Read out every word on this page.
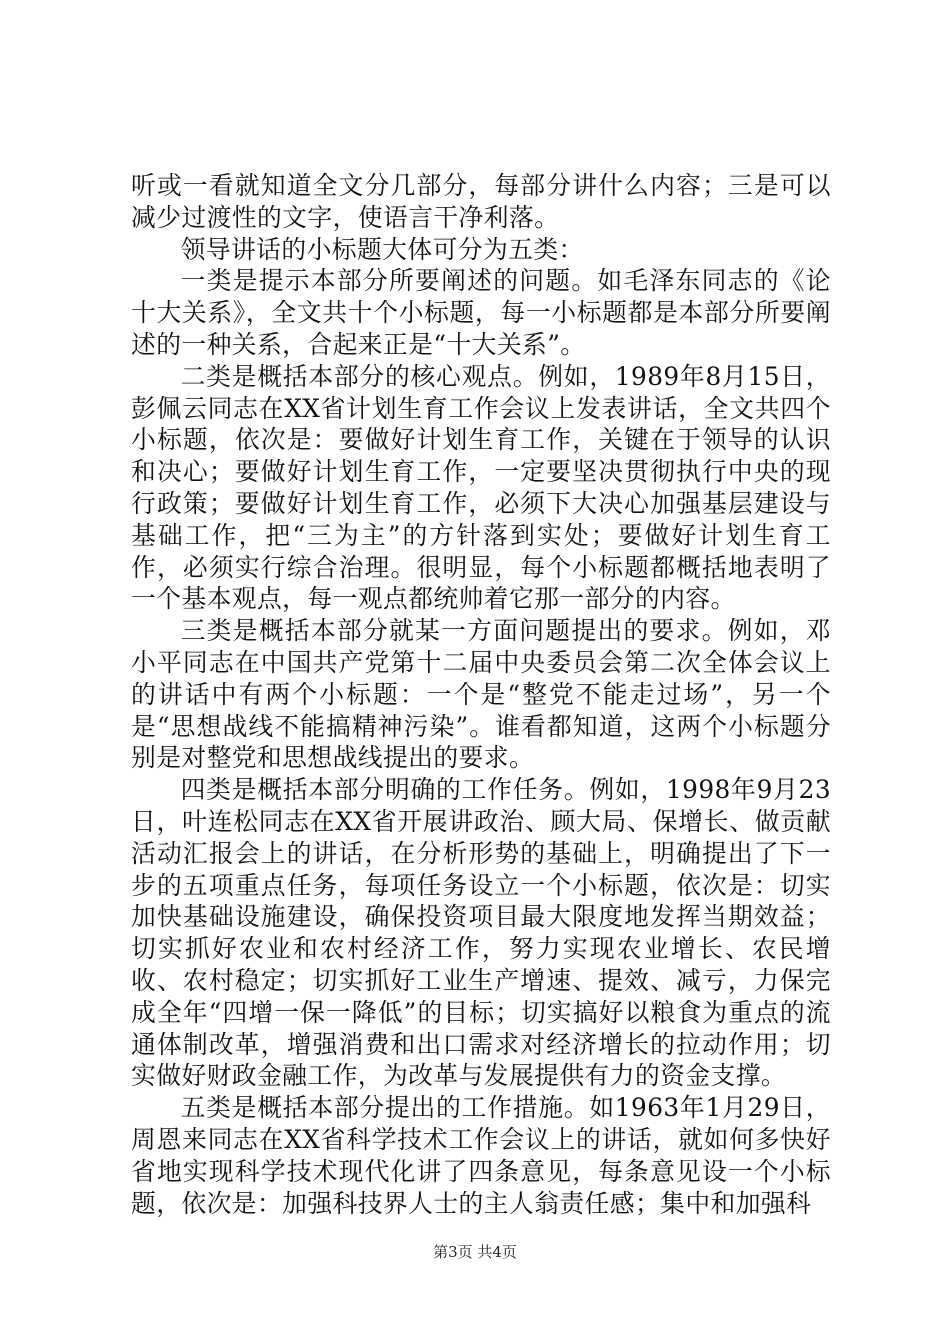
听或一看就知道全文分几部分，每部分讲什么内容；三是可以减少过渡性的文字，使语言干净利落。

领导讲话的小标题大体可分为五类：

一类是提示本部分所要阐述的问题。如毛泽东同志的《论十大关系》，全文共十个小标题，每一小标题都是本部分所要阐述的一种关系，合起来正是“十大关系”。

二类是概括本部分的核心观点。例如，1989年8月15日，彭佩云同志在XX省计划生育工作会议上发表讲话，全文共四个小标题，依次是：要做好计划生育工作，关键在于领导的认识和决心；要做好计划生育工作，一定要坚决贯彻执行中央的现行政策；要做好计划生育工作，必须下大决心加强基层建设与基础工作，把“三为主”的方针落到实处；要做好计划生育工作，必须实行综合治理。很明显，每个小标题都概括地表明了一个基本观点，每一观点都统帅着它那一部分的内容。

三类是概括本部分就某一方面问题提出的要求。例如，邓小平同志在中国共产党第十二届中央委员会第二次全体会议上的讲话中有两个小标题：一个是“整党不能走过场”，另一个是“思想战线不能搞精神污染”。谁看都知道，这两个小标题分别是对整党和思想战线提出的要求。

四类是概括本部分明确的工作任务。例如，1998年9月23日，叶连松同志在XX省开展讲政治、顾大局、保增长、做贡献活动汇报会上的讲话，在分析形势的基础上，明确提出了下一步的五项重点任务，每项任务设立一个小标题，依次是：切实加快基础设施建设，确保投资项目最大限度地发挥当期效益；切实抓好农业和农村经济工作，努力实现农业增长、农民增收、农村稳定；切实抓好工业生产增速、提效、减亏，力保完成全年“四增一保一降低”的目标；切实搞好以粮食为重点的流通体制改革，增强消费和出口需求对经济增长的拉动作用；切实做好财政金融工作，为改革与发展提供有力的资金支撑。

五类是概括本部分提出的工作措施。如1963年1月29日，周恩来同志在XX省科学技术工作会议上的讲话，就如何多快好省地实现科学技术现代化讲了四条意见，每条意见设一个小标题，依次是：加强科技界人士的主人翁责任感；集中和加强科

第3页 共4页
